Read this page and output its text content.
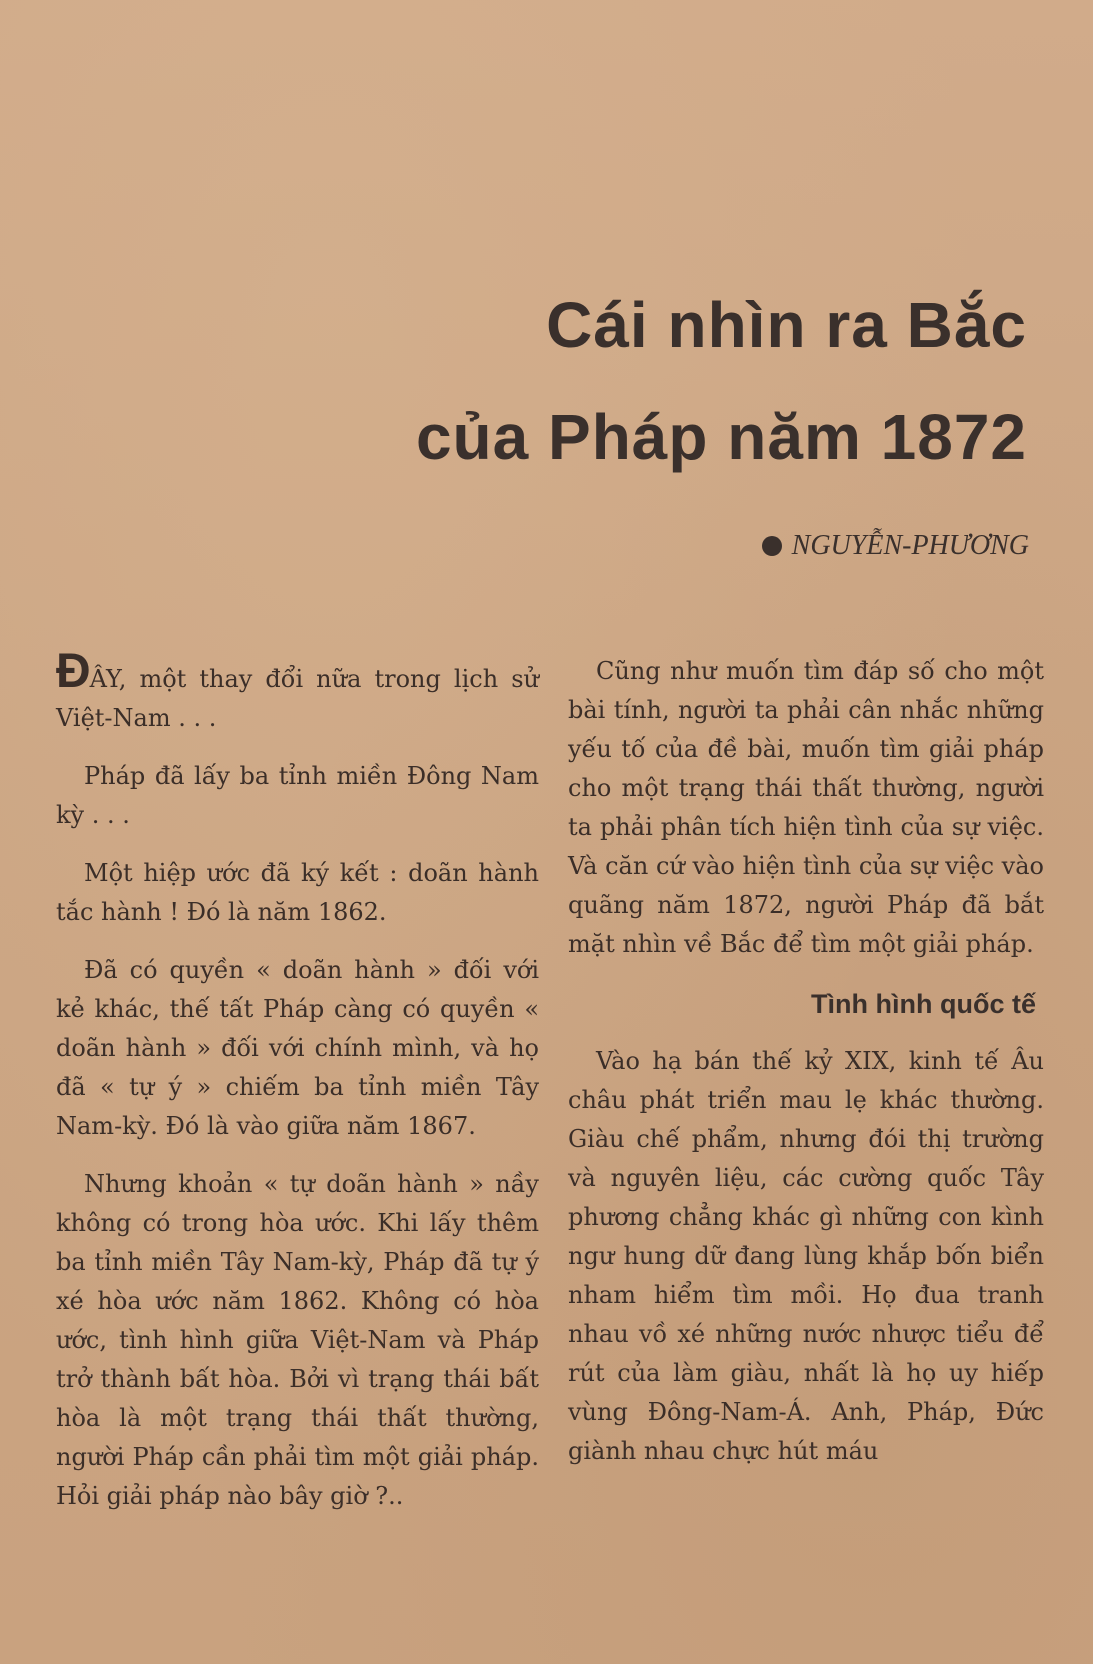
Cái nhìn ra Bắc
của Pháp năm 1872
NGUYỄN-PHƯƠNG

ĐÂY, một thay đổi nữa trong lịch sử Việt-Nam . . .

Pháp đã lấy ba tỉnh miền Đông Nam kỳ . . .

Một hiệp ước đã ký kết : doãn hành tắc hành ! Đó là năm 1862.

Đã có quyền « doãn hành » đối với kẻ khác, thế tất Pháp càng có quyền « doãn hành » đối với chính mình, và họ đã « tự ý » chiếm ba tỉnh miền Tây Nam-kỳ. Đó là vào giữa năm 1867.

Nhưng khoản « tự doãn hành » nầy không có trong hòa ước. Khi lấy thêm ba tỉnh miền Tây Nam-kỳ, Pháp đã tự ý xé hòa ước năm 1862. Không có hòa ước, tình hình giữa Việt-Nam và Pháp trở thành bất hòa. Bởi vì trạng thái bất hòa là một trạng thái thất thường, người Pháp cần phải tìm một giải pháp. Hỏi giải pháp nào bây giờ ?..

Cũng như muốn tìm đáp số cho một bài tính, người ta phải cân nhắc những yếu tố của đề bài, muốn tìm giải pháp cho một trạng thái thất thường, người ta phải phân tích hiện tình của sự việc. Và căn cứ vào hiện tình của sự việc vào quãng năm 1872, người Pháp đã bắt mặt nhìn về Bắc để tìm một giải pháp.

Tình hình quốc tế

Vào hạ bán thế kỷ XIX, kinh tế Âu châu phát triển mau lẹ khác thường. Giàu chế phẩm, nhưng đói thị trường và nguyên liệu, các cường quốc Tây phương chẳng khác gì những con kình ngư hung dữ đang lùng khắp bốn biển nham hiểm tìm mồi. Họ đua tranh nhau vồ xé những nước nhược tiểu để rút của làm giàu, nhất là họ uy hiếp vùng Đông-Nam-Á. Anh, Pháp, Đức giành nhau chực hút máu
